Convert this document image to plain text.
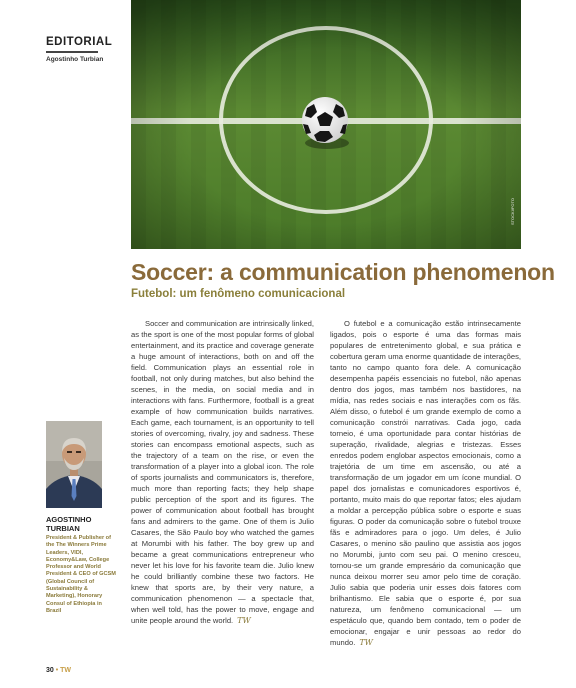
EDITORIAL
Agostinho Turbian
STOCKI/FOTO
Soccer: a communication phenomenon
Futebol: um fenômeno comunicacional
AGOSTINHO TURBIAN
President & Publisher of the The Winners Prime Leaders, VIDI, Economy&Law, College Professor and World President & CEO of GCSM (Global Council of Sustainability & Marketing), Honorary Consul of Ethiopia in Brazil

Soccer and communication are intrinsically linked, as the sport is one of the most popular forms of global entertainment, and its practice and coverage generate a huge amount of interactions, both on and off the field. Communication plays an essential role in football, not only during matches, but also behind the scenes, in the media, on social media and in interactions with fans. Furthermore, football is a great example of how communication builds narratives. Each game, each tournament, is an opportunity to tell stories of overcoming, rivalry, joy and sadness. These stories can encompass emotional aspects, such as the trajectory of a team on the rise, or even the transformation of a player into a global icon. The role of sports journalists and communicators is, therefore, much more than reporting facts; they help shape public perception of the sport and its figures. The power of communication about football has brought fans and admirers to the game. One of them is Julio Casares, the São Paulo boy who watched the games at Morumbi with his father. The boy grew up and became a great communications entrepreneur who never let his love for his favorite team die. Julio knew he could brilliantly combine these two factors. He knew that sports are, by their very nature, a communication phenomenon — a spectacle that, when well told, has the power to move, engage and unite people around the world. TW

O futebol e a comunicação estão intrinsecamente ligados, pois o esporte é uma das formas mais populares de entretenimento global, e sua prática e cobertura geram uma enorme quantidade de interações, tanto no campo quanto fora dele. A comunicação desempenha papéis essenciais no futebol, não apenas dentro dos jogos, mas também nos bastidores, na mídia, nas redes sociais e nas interações com os fãs. Além disso, o futebol é um grande exemplo de como a comunicação constrói narrativas. Cada jogo, cada torneio, é uma oportunidade para contar histórias de superação, rivalidade, alegrias e tristezas. Esses enredos podem englobar aspectos emocionais, como a trajetória de um time em ascensão, ou até a transformação de um jogador em um ícone mundial. O papel dos jornalistas e comunicadores esportivos é, portanto, muito mais do que reportar fatos; eles ajudam a moldar a percepção pública sobre o esporte e suas figuras. O poder da comunicação sobre o futebol trouxe fãs e admiradores para o jogo. Um deles, é Julio Casares, o menino são paulino que assistia aos jogos no Morumbi, junto com seu pai. O menino cresceu, tornou-se um grande empresário da comunicação que nunca deixou morrer seu amor pelo time de coração. Julio sabia que poderia unir esses dois fatores com brilhantismo. Ele sabia que o esporte é, por sua natureza, um fenômeno comunicacional — um espetáculo que, quando bem contado, tem o poder de emocionar, engajar e unir pessoas ao redor do mundo. TW

30 • TW
